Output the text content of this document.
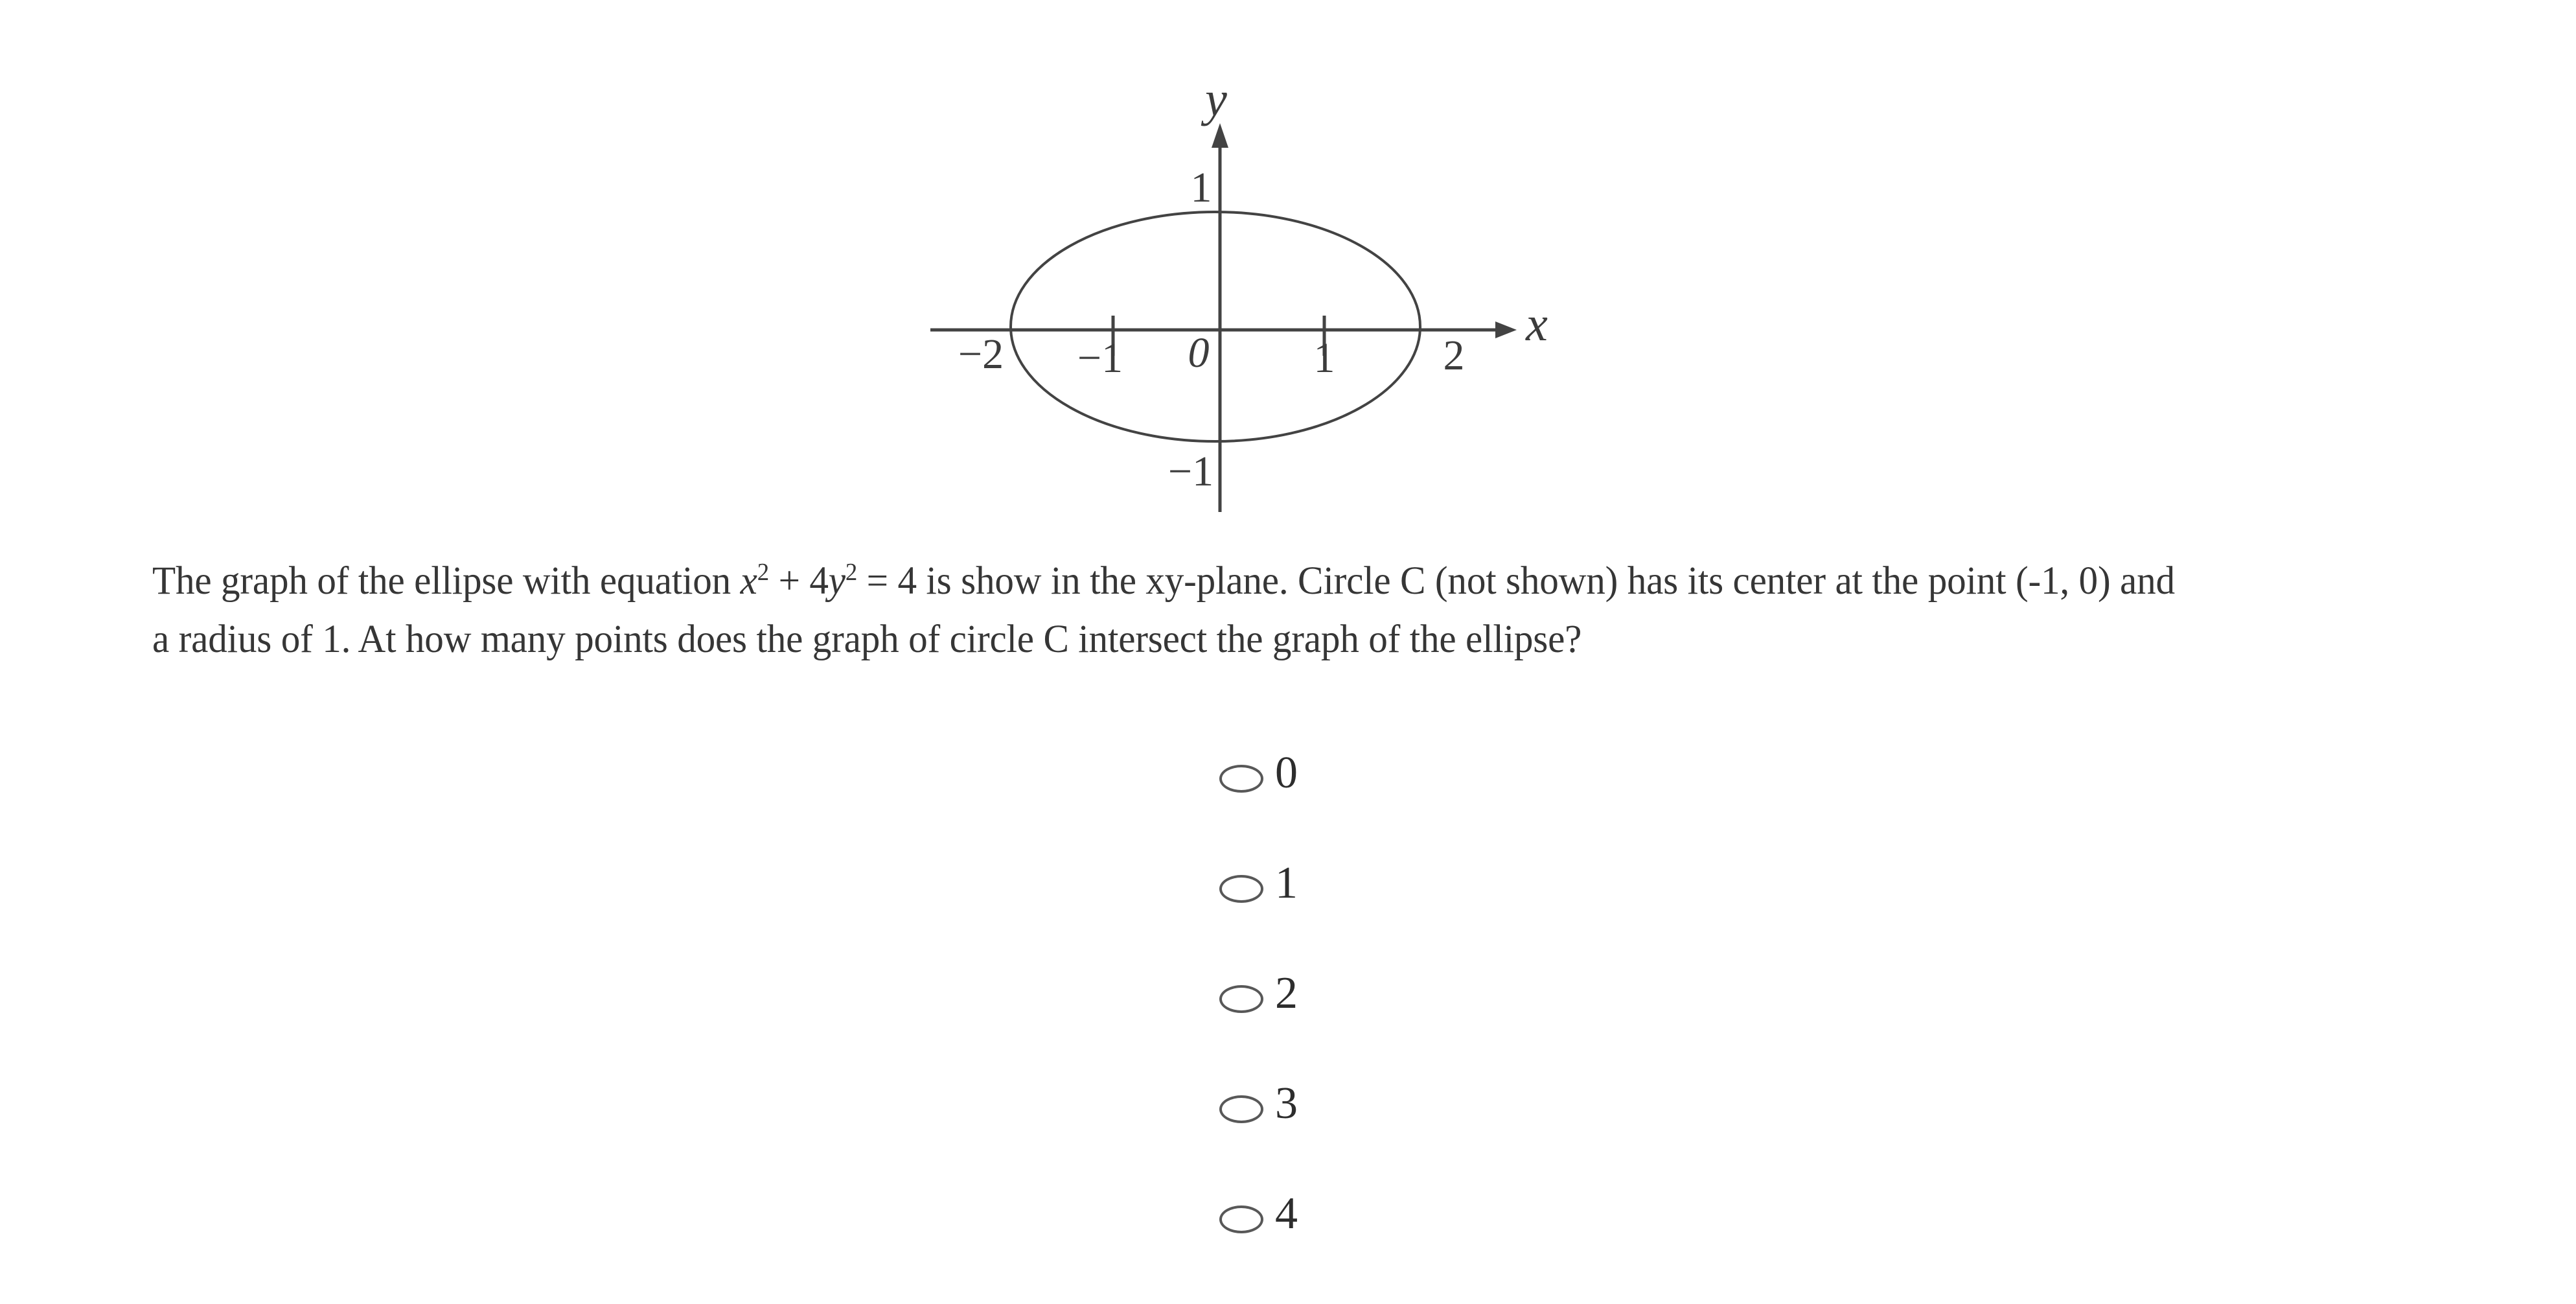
y
x
0
−2 −1	1	2
1
−1
The graph of the ellipse with equation $x^2 + 4y^2 = 4$ is show in the xy-plane. Circle C (not shown) has its center at the point (-1, 0) and
a radius of 1. At how many points does the graph of circle C intersect the graph of the ellipse?
0
1
2
3
4
